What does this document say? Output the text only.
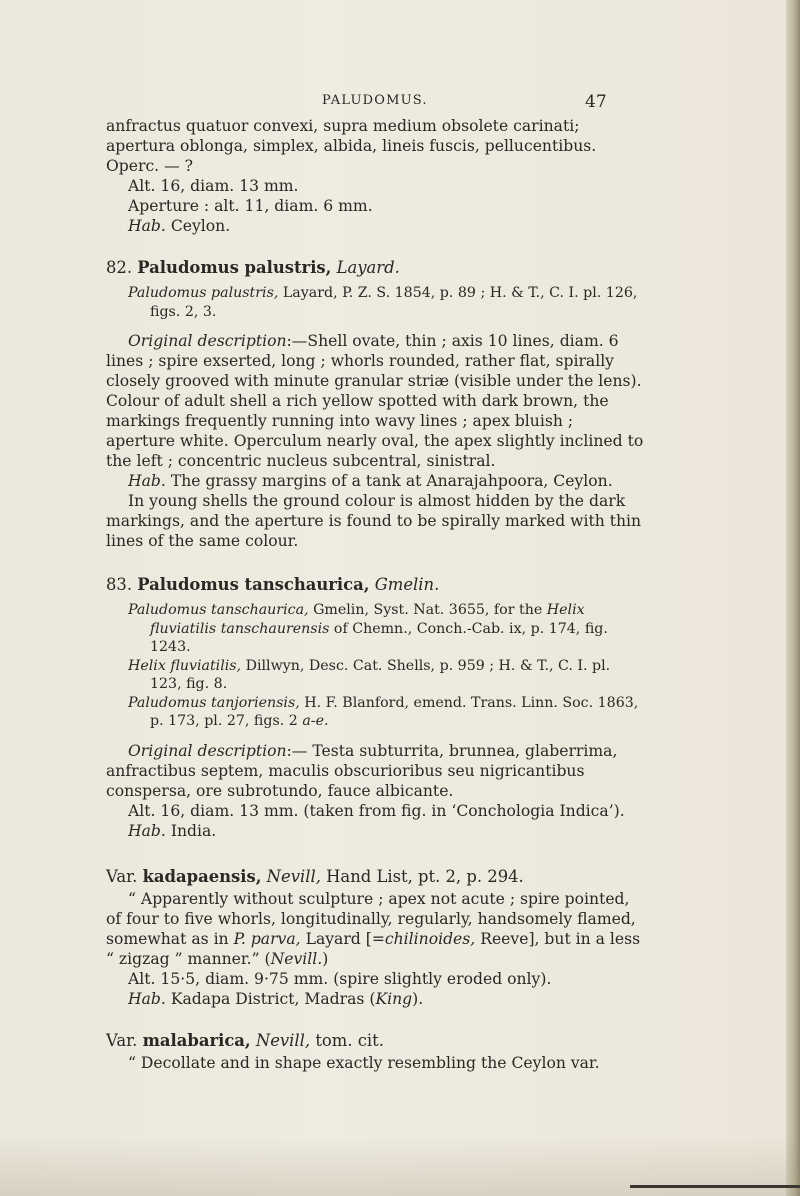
PALUDOMUS.	47

anfractus quatuor convexi, supra medium obsolete carinati;

apertura oblonga, simplex, albida, lineis fuscis, pellucentibus.

Operc. — ?

Alt. 16, diam. 13 mm.

Aperture : alt. 11, diam. 6 mm.

Hab. Ceylon.

82. Paludomus palustris, Layard.

Paludomus palustris, Layard, P. Z. S. 1854, p. 89 ; H. & T., C. I. pl. 126, figs. 2, 3.

Original description:—Shell ovate, thin ; axis 10 lines, diam. 6 lines ; spire exserted, long ; whorls rounded, rather flat, spirally closely grooved with minute granular striæ (visible under the lens). Colour of adult shell a rich yellow spotted with dark brown, the markings frequently running into wavy lines ; apex bluish ; aperture white. Operculum nearly oval, the apex slightly inclined to the left ; concentric nucleus subcentral, sinistral.

Hab. The grassy margins of a tank at Anarajahpoora, Ceylon.

In young shells the ground colour is almost hidden by the dark markings, and the aperture is found to be spirally marked with thin lines of the same colour.

83. Paludomus tanschaurica, Gmelin.

Paludomus tanschaurica, Gmelin, Syst. Nat. 3655, for the Helix fluviatilis tanschaurensis of Chemn., Conch.-Cab. ix, p. 174, fig. 1243.

Helix fluviatilis, Dillwyn, Desc. Cat. Shells, p. 959 ; H. & T., C. I. pl. 123, fig. 8.

Paludomus tanjoriensis, H. F. Blanford, emend. Trans. Linn. Soc. 1863, p. 173, pl. 27, figs. 2 a-e.

Original description:— Testa subturrita, brunnea, glaberrima, anfractibus septem, maculis obscurioribus seu nigricantibus conspersa, ore subrotundo, fauce albicante.

Alt. 16, diam. 13 mm. (taken from fig. in ‘Conchologia Indica’).

Hab. India.

Var. kadapaensis, Nevill, Hand List, pt. 2, p. 294.

“ Apparently without sculpture ; apex not acute ; spire pointed, of four to five whorls, longitudinally, regularly, handsomely flamed, somewhat as in P. parva, Layard [=chilinoides, Reeve], but in a less “ zigzag ” manner.” (Nevill.)

Alt. 15·5, diam. 9·75 mm. (spire slightly eroded only).

Hab. Kadapa District, Madras (King).

Var. malabarica, Nevill, tom. cit.

“ Decollate and in shape exactly resembling the Ceylon var.
